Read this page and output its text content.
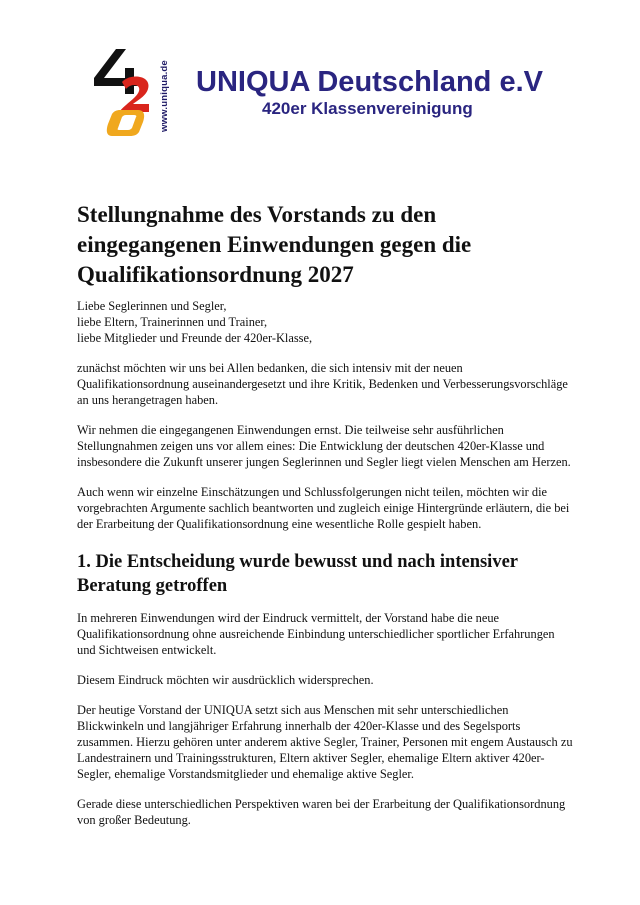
www.uniqua.de UNIQUA Deutschland e.V
420er Klassenvereinigung
Stellungnahme des Vorstands zu den eingegangenen Einwendungen gegen die Qualifikationsordnung 2027

Liebe Seglerinnen und Segler,

liebe Eltern, Trainerinnen und Trainer,

liebe Mitglieder und Freunde der 420er-Klasse,

zunächst möchten wir uns bei Allen bedanken, die sich intensiv mit der neuen Qualifikationsordnung auseinandergesetzt und ihre Kritik, Bedenken und Verbesserungsvorschläge an uns herangetragen haben.

Wir nehmen die eingegangenen Einwendungen ernst. Die teilweise sehr ausführlichen Stellungnahmen zeigen uns vor allem eines: Die Entwicklung der deutschen 420er-Klasse und insbesondere die Zukunft unserer jungen Seglerinnen und Segler liegt vielen Menschen am Herzen.

Auch wenn wir einzelne Einschätzungen und Schlussfolgerungen nicht teilen, möchten wir die vorgebrachten Argumente sachlich beantworten und zugleich einige Hintergründe erläutern, die bei der Erarbeitung der Qualifikationsordnung eine wesentliche Rolle gespielt haben.

1. Die Entscheidung wurde bewusst und nach intensiver Beratung getroffen

In mehreren Einwendungen wird der Eindruck vermittelt, der Vorstand habe die neue Qualifikationsordnung ohne ausreichende Einbindung unterschiedlicher sportlicher Erfahrungen und Sichtweisen entwickelt.

Diesem Eindruck möchten wir ausdrücklich widersprechen.

Der heutige Vorstand der UNIQUA setzt sich aus Menschen mit sehr unterschiedlichen Blickwinkeln und langjähriger Erfahrung innerhalb der 420er-Klasse und des Segelsports zusammen. Hierzu gehören unter anderem aktive Segler, Trainer, Personen mit engem Austausch zu Landestrainern und Trainingsstrukturen, Eltern aktiver Segler, ehemalige Eltern aktiver 420er-Segler, ehemalige Vorstandsmitglieder und ehemalige aktive Segler.

Gerade diese unterschiedlichen Perspektiven waren bei der Erarbeitung der Qualifikationsordnung von großer Bedeutung.
